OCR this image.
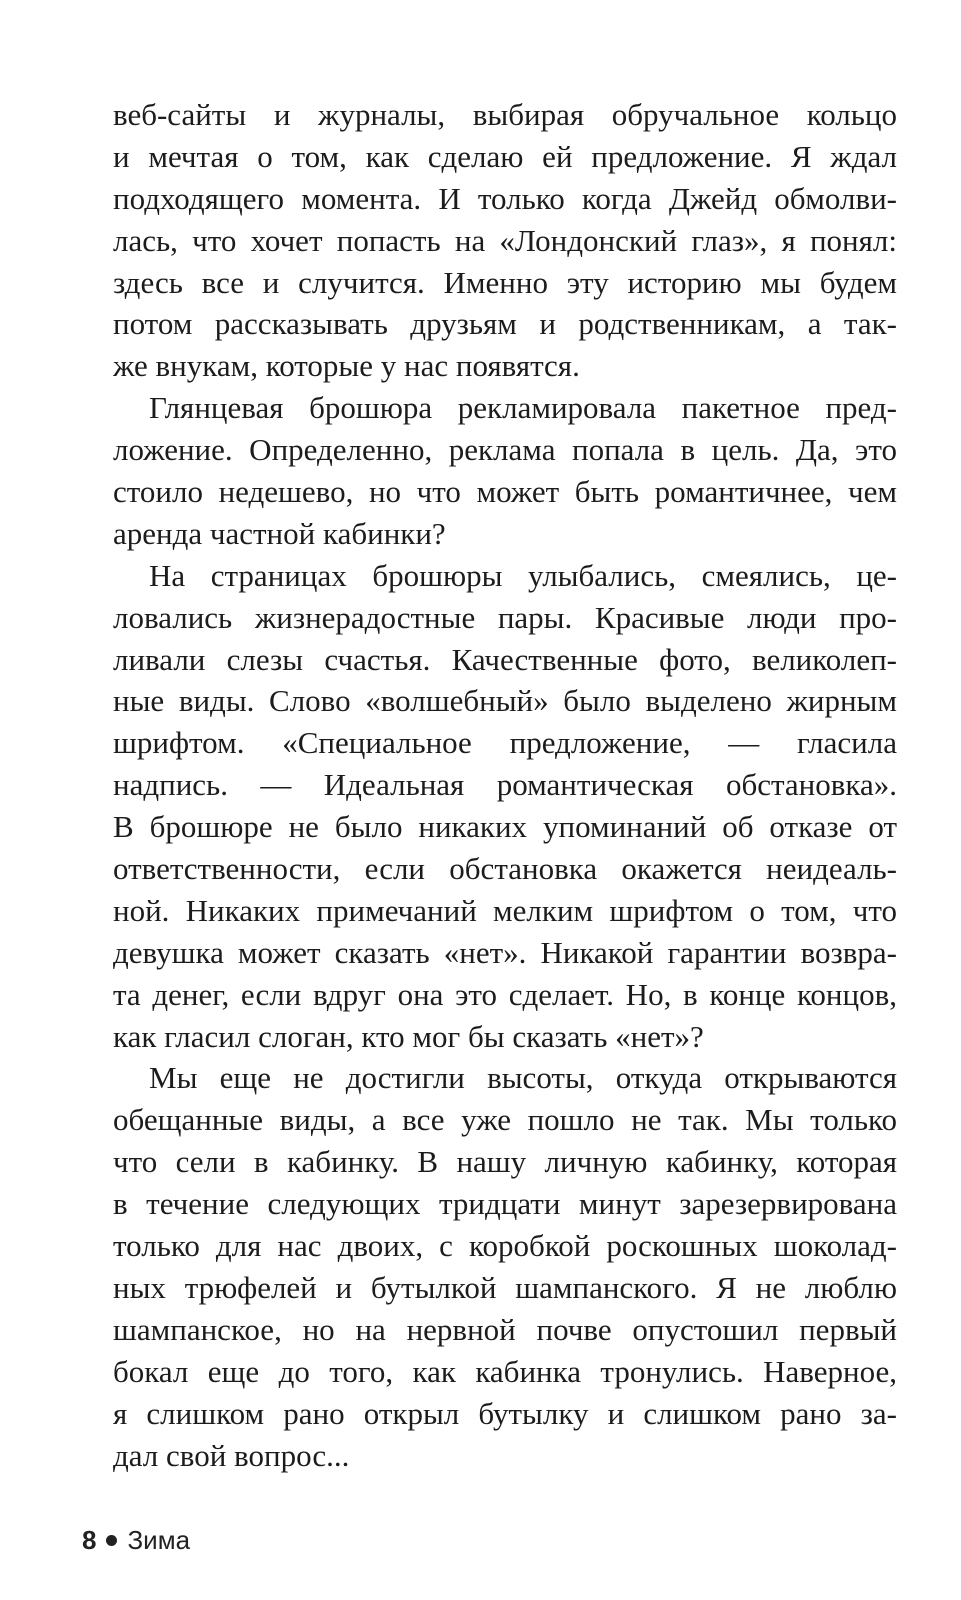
веб-сайты и журналы, выбирая обручальное кольцо
и мечтая о том, как сделаю ей предложение. Я ждал
подходящего момента. И только когда Джейд обмолви-
лась, что хочет попасть на «Лондонский глаз», я понял:
здесь все и случится. Именно эту историю мы будем
потом рассказывать друзьям и родственникам, а так-
же внукам, которые у нас появятся.
Глянцевая брошюра рекламировала пакетное пред-
ложение. Определенно, реклама попала в цель. Да, это
стоило недешево, но что может быть романтичнее, чем
аренда частной кабинки?
На страницах брошюры улыбались, смеялись, це-
ловались жизнерадостные пары. Красивые люди про-
ливали слезы счастья. Качественные фото, великолеп-
ные виды. Слово «волшебный» было выделено жирным
шрифтом. «Специальное предложение, — гласила
надпись. — Идеальная романтическая обстановка».
В брошюре не было никаких упоминаний об отказе от
ответственности, если обстановка окажется неидеаль-
ной. Никаких примечаний мелким шрифтом о том, что
девушка может сказать «нет». Никакой гарантии возвра-
та денег, если вдруг она это сделает. Но, в конце концов,
как гласил слоган, кто мог бы сказать «нет»?
Мы еще не достигли высоты, откуда открываются
обещанные виды, а все уже пошло не так. Мы только
что сели в кабинку. В нашу личную кабинку, которая
в течение следующих тридцати минут зарезервирована
только для нас двоих, с коробкой роскошных шоколад-
ных трюфелей и бутылкой шампанского. Я не люблю
шампанское, но на нервной почве опустошил первый
бокал еще до того, как кабинка тронулись. Наверное,
я слишком рано открыл бутылку и слишком рано за-
дал свой вопрос...
8 Зима
